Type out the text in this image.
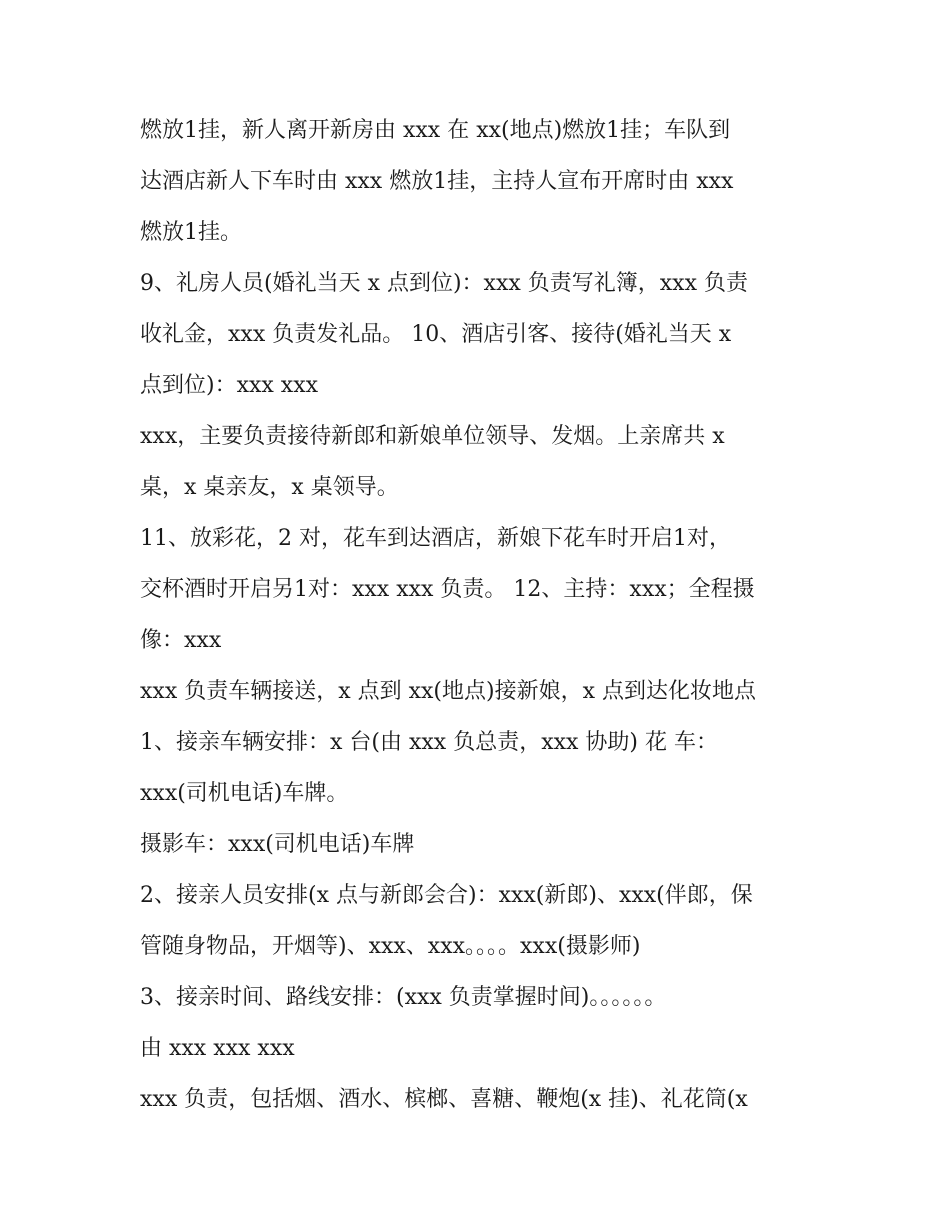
燃放1挂，新人离开新房由 xxx 在 xx(地点)燃放1挂；车队到

达酒店新人下车时由 xxx 燃放1挂，主持人宣布开席时由 xxx

燃放1挂。

9、礼房人员(婚礼当天 x 点到位)：xxx 负责写礼簿，xxx 负责

收礼金，xxx 负责发礼品。 10、酒店引客、接待(婚礼当天 x

点到位)：xxx xxx

xxx，主要负责接待新郎和新娘单位领导、发烟。上亲席共 x

桌，x 桌亲友，x 桌领导。

11、放彩花，2 对，花车到达酒店，新娘下花车时开启1对，

交杯酒时开启另1对：xxx xxx 负责。 12、主持：xxx；全程摄

像：xxx

xxx 负责车辆接送，x 点到 xx(地点)接新娘，x 点到达化妆地点

1、接亲车辆安排：x 台(由 xxx 负总责，xxx 协助) 花 车：

xxx(司机电话)车牌。

摄影车：xxx(司机电话)车牌

2、接亲人员安排(x 点与新郎会合)：xxx(新郎)、xxx(伴郎，保

管随身物品，开烟等)、xxx、xxx。。。。xxx(摄影师)

3、接亲时间、路线安排：(xxx 负责掌握时间)。。。。。。

由 xxx xxx xxx

xxx 负责，包括烟、酒水、槟榔、喜糖、鞭炮(x 挂)、礼花筒(x
